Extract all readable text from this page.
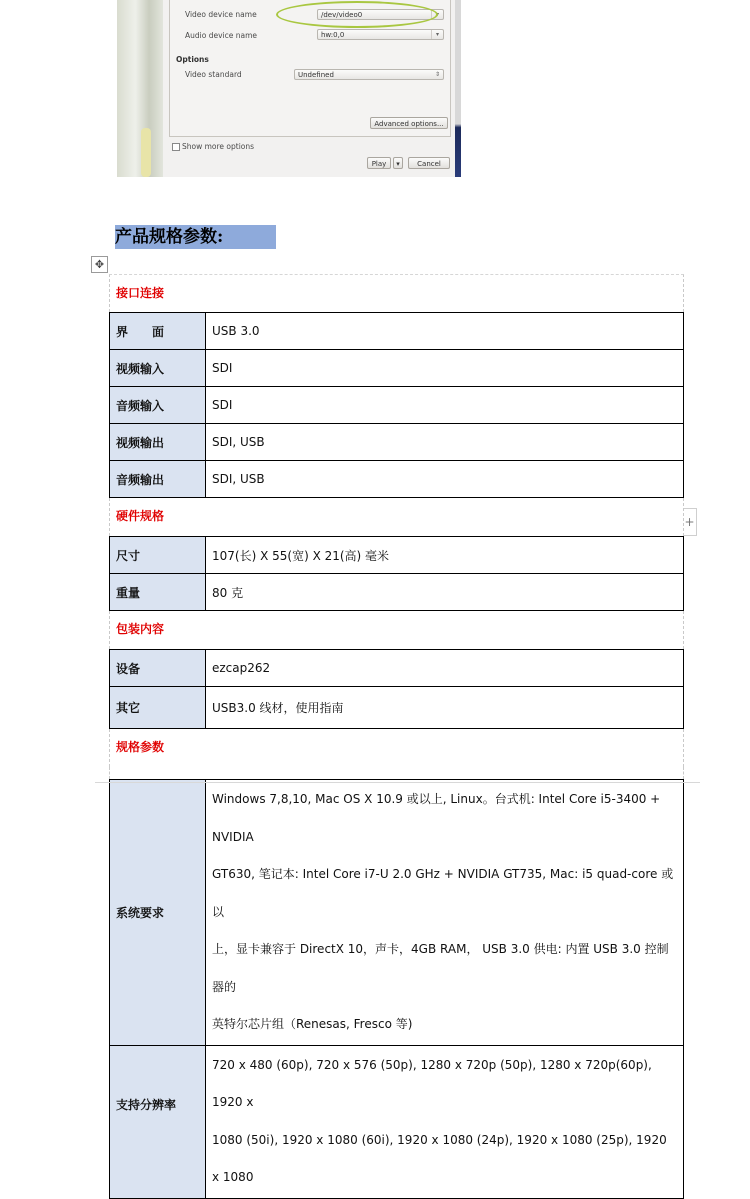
Video device name	/dev/video0	▾
Audio device name	hw:0,0	▾
Options
Video standard	Undefined	⇕
Advanced options...
Show more options
Play	▾	Cancel
产品规格参数:
✥
+
接口连接
界　　面	USB 3.0
视频输入	SDI
音频输入	SDI
视频输出	SDI, USB
音频输出	SDI, USB
硬件规格
尺寸	107(长) X 55(宽) X 21(高) 毫米
重量	80 克
包装内容
设备	ezcap262
其它	USB3.0 线材，使用指南
规格参数
系统要求	Windows 7,8,10, Mac OS X 10.9 或以上, Linux。台式机: Intel Core i5-3400 + NVIDIA
GT630, 笔记本: Intel Core i7-U 2.0 GHz + NVIDIA GT735, Mac: i5 quad-core 或以
上，显卡兼容于 DirectX 10，声卡，4GB RAM， USB 3.0 供电: 内置 USB 3.0 控制器的
英特尔芯片组（Renesas, Fresco 等)

支持分辨率	720 x 480 (60p), 720 x 576 (50p), 1280 x 720p (50p), 1280 x 720p(60p), 1920 x
1080 (50i), 1920 x 1080 (60i), 1920 x 1080 (24p), 1920 x 1080 (25p), 1920 x 1080
